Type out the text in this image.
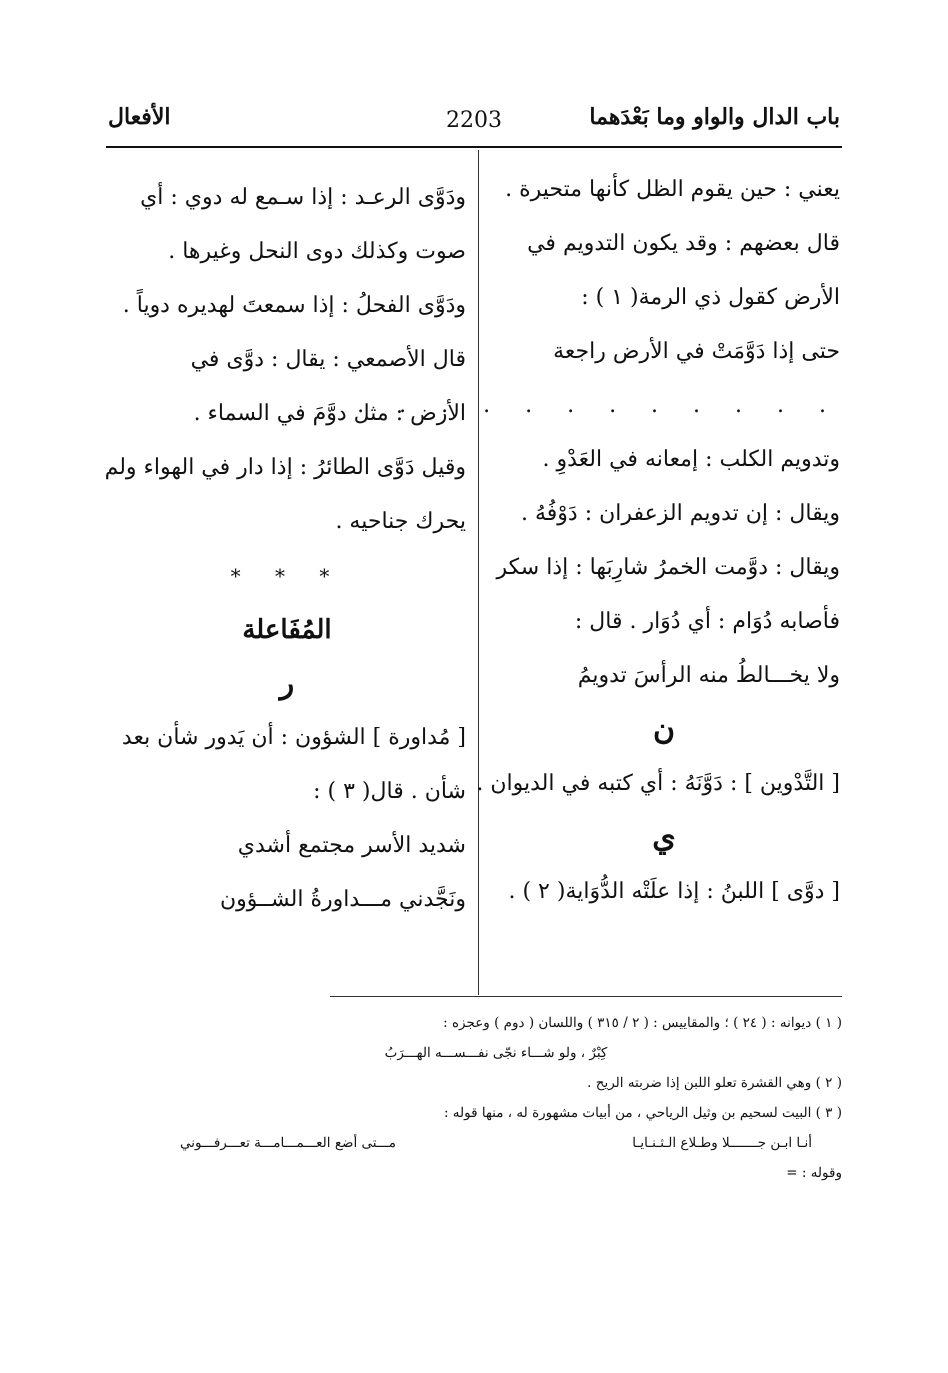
باب الدال والواو وما بَعْدَهما
2203
الأفعال
يعني : حين يقوم الظل كأنها متحيرة .
قال بعضهم : وقد يكون التدويم في
الأرض كقول ذي الرمة( ١ ) :
حتى إذا دَوَّمَتْ في الأرض راجعة
. . . . . . . . . . . .
وتدويم الكلب : إمعانه في العَدْوِ .
ويقال : إن تدويم الزعفران : دَوْفُهُ .
ويقال : دوَّمت الخمرُ شارِبَها : إذا سكر
فأصابه دُوَام : أي دُوَار . قال :
ولا يخـــالطُ منه الرأسَ تدويمُ
ن
[ التَّدْوين ] : دَوَّنَهُ : أي كتبه في الديوان .
ي
[ دوَّى ] اللبنُ : إذا علَتْه الدُّوَاية( ٢ ) .
ودَوَّى الرعـد : إذا سـمع له دوي : أي
صوت وكذلك دوى النحل وغيرها .
ودَوَّى الفحلُ : إذا سمعتَ لهديره دوياً .
قال الأصمعي : يقال : دوَّى في
الأرض : مثل دوَّمَ في السماء .
وقيل دَوَّى الطائرُ : إذا دار في الهواء ولم
يحرك جناحيه .
* * *
المُفَاعلة
ر
[ مُداورة ] الشؤون : أن يَدور شأن بعد
شأن . قال( ٣ ) :
شديد الأسر مجتمع أشدي
ونَجَّدني مـــداورةُ الشــؤون
( ١ ) ديوانه : ( ٢٤ ) ؛ والمقاييس : ( ٢ / ٣١٥ ) واللسان ( دوم ) وعجزه :
كِبْرٌ ، ولو شـــاء نجّى نفـــســـه الهـــرَبُ
( ٢ ) وهي القشرة تعلو اللبن إذا ضربته الريح .
( ٣ ) البيت لسحيم بن وثيل الرياحي ، من أبيات مشهورة له ، منها قوله :
أنـا ابـن جـــــــلا وطـلاع الـثـنـايـا
مـــتى أضع العـــمـــامـــة تعـــرفـــوني
وقوله : =
